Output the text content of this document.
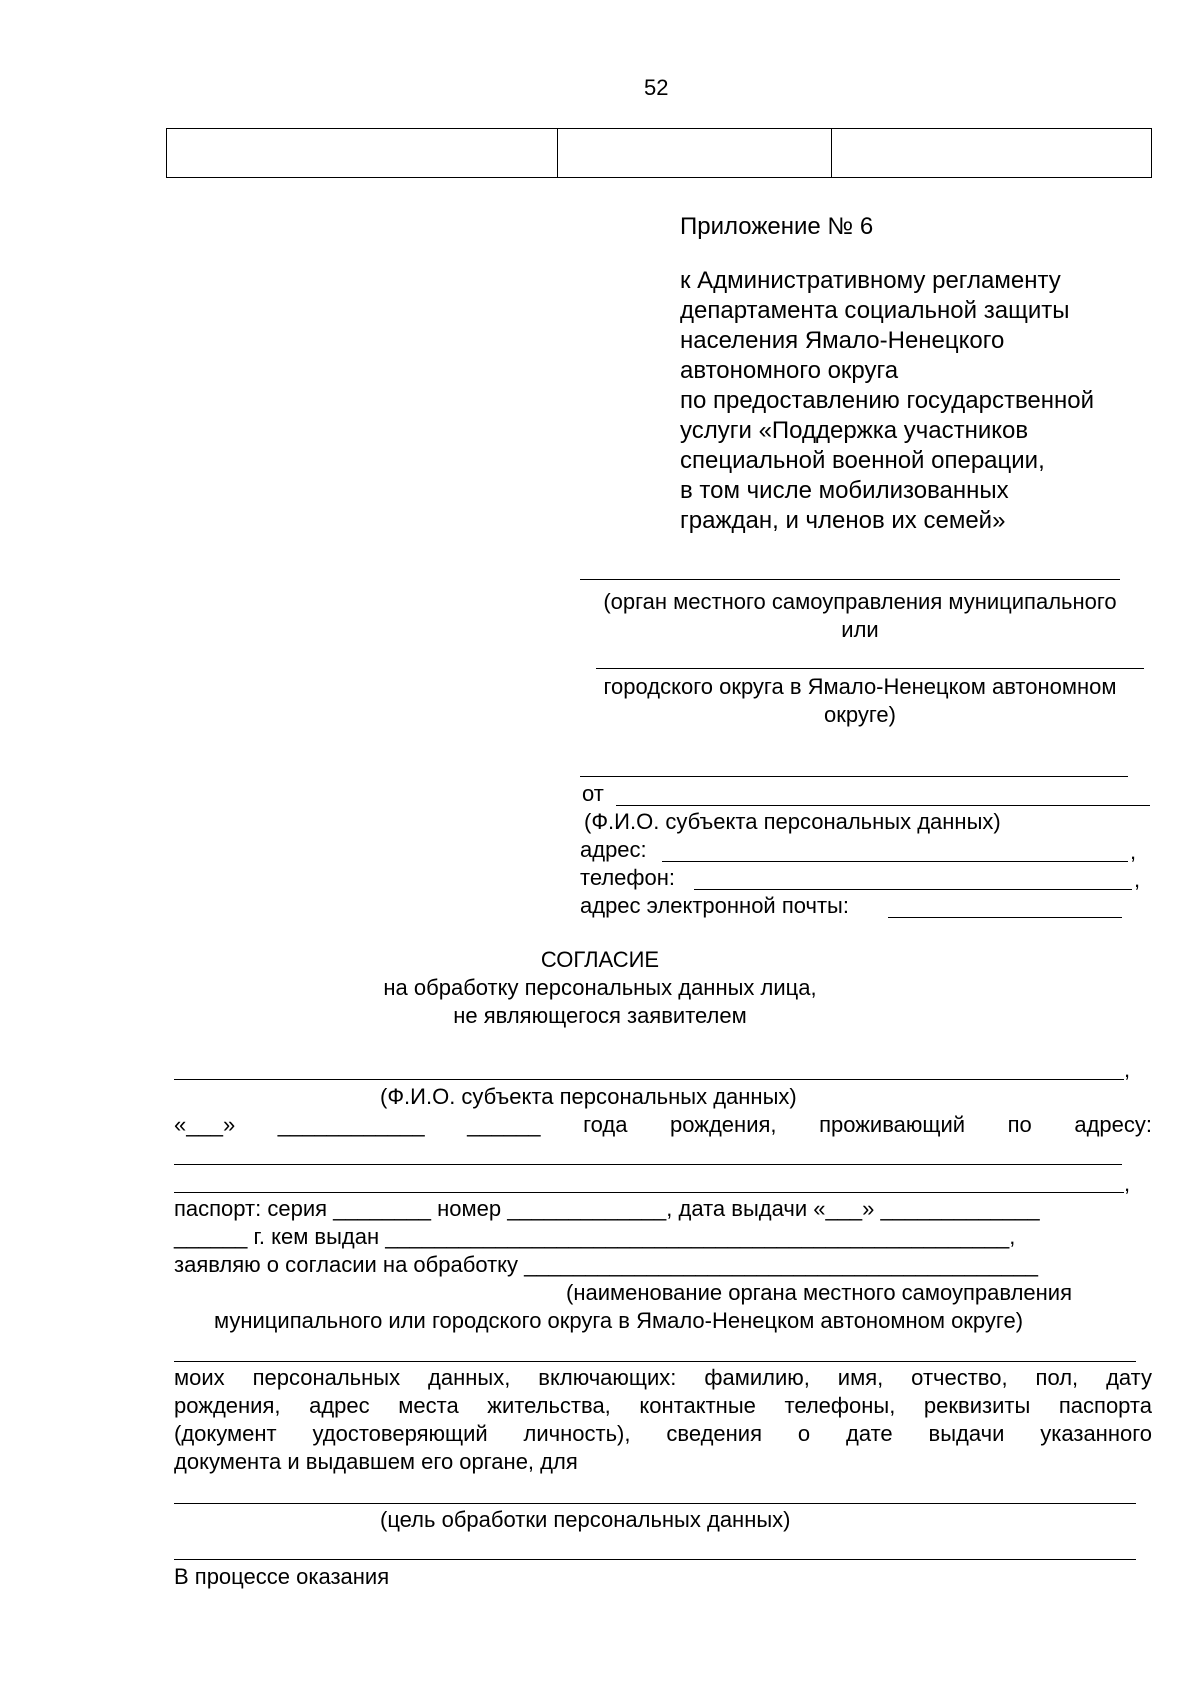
52
Приложение № 6
к Административному регламенту
департамента социальной защиты
населения Ямало-Ненецкого
автономного округа
по предоставлению государственной
услуги «Поддержка участников
специальной военной операции,
в том числе мобилизованных
граждан, и членов их семей»
(орган местного самоуправления муниципального
или
городского округа в Ямало-Ненецком автономном
округе)
от
(Ф.И.О. субъекта персональных данных)
адрес:	,
телефон:	,
адрес электронной почты:
СОГЛАСИЕ
на обработку персональных данных лица,
не являющегося заявителем
,
(Ф.И.О. субъекта персональных данных)
«___» ____________ ______ года рождения, проживающий по адресу:
,
паспорт: серия ________ номер _____________, дата выдачи «___» _____________
______ г. кем выдан ___________________________________________________,
заявляю о согласии на обработку __________________________________________
(наименование органа местного самоуправления
муниципального или городского округа в Ямало-Ненецком автономном округе)
моих персональных данных, включающих: фамилию, имя, отчество, пол, дату
рождения, адрес места жительства, контактные телефоны, реквизиты паспорта
(документ удостоверяющий личность), сведения о дате выдачи указанного
документа и выдавшем его органе, для
(цель обработки персональных данных)
В процессе оказания
